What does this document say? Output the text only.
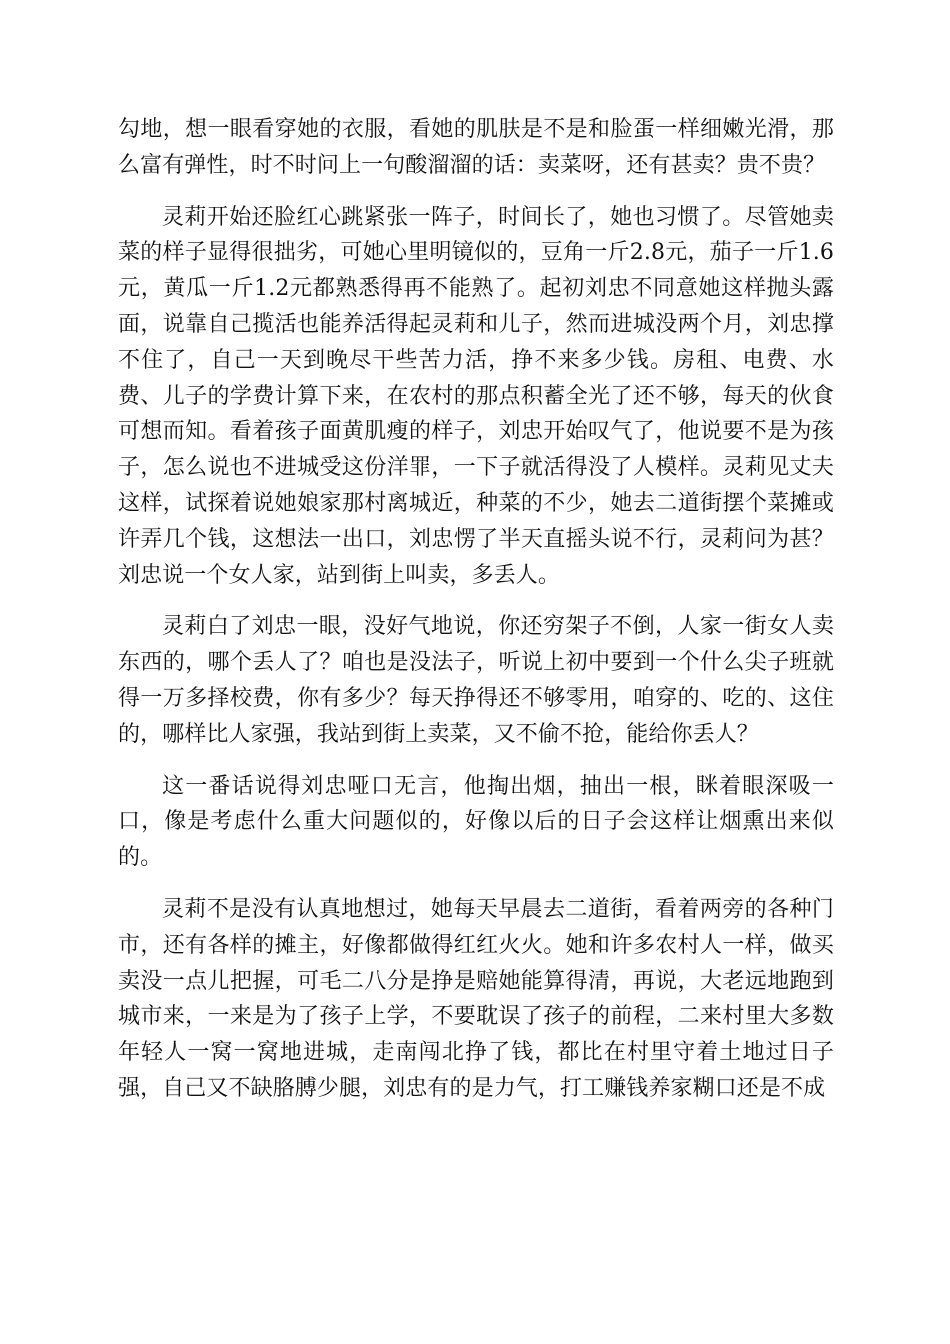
勾地，想一眼看穿她的衣服，看她的肌肤是不是和脸蛋一样细嫩光滑，那么富有弹性，时不时问上一句酸溜溜的话：卖菜呀，还有甚卖？贵不贵？

灵莉开始还脸红心跳紧张一阵子，时间长了，她也习惯了。尽管她卖菜的样子显得很拙劣，可她心里明镜似的，豆角一斤2.8元，茄子一斤1.6元，黄瓜一斤1.2元都熟悉得再不能熟了。起初刘忠不同意她这样抛头露面，说靠自己揽活也能养活得起灵莉和儿子，然而进城没两个月，刘忠撑不住了，自己一天到晚尽干些苦力活，挣不来多少钱。房租、电费、水费、儿子的学费计算下来，在农村的那点积蓄全光了还不够，每天的伙食可想而知。看着孩子面黄肌瘦的样子，刘忠开始叹气了，他说要不是为孩子，怎么说也不进城受这份洋罪，一下子就活得没了人模样。灵莉见丈夫这样，试探着说她娘家那村离城近，种菜的不少，她去二道街摆个菜摊或许弄几个钱，这想法一出口，刘忠愣了半天直摇头说不行，灵莉问为甚？刘忠说一个女人家，站到街上叫卖，多丢人。

灵莉白了刘忠一眼，没好气地说，你还穷架子不倒，人家一街女人卖东西的，哪个丢人了？咱也是没法子，听说上初中要到一个什么尖子班就得一万多择校费，你有多少？每天挣得还不够零用，咱穿的、吃的、这住的，哪样比人家强，我站到街上卖菜，又不偷不抢，能给你丢人？

这一番话说得刘忠哑口无言，他掏出烟，抽出一根，眯着眼深吸一口，像是考虑什么重大问题似的，好像以后的日子会这样让烟熏出来似的。

灵莉不是没有认真地想过，她每天早晨去二道街，看着两旁的各种门市，还有各样的摊主，好像都做得红红火火。她和许多农村人一样，做买卖没一点儿把握，可毛二八分是挣是赔她能算得清，再说，大老远地跑到城市来，一来是为了孩子上学，不要耽误了孩子的前程，二来村里大多数年轻人一窝一窝地进城，走南闯北挣了钱，都比在村里守着土地过日子强，自己又不缺胳膊少腿，刘忠有的是力气，打工赚钱养家糊口还是不成
